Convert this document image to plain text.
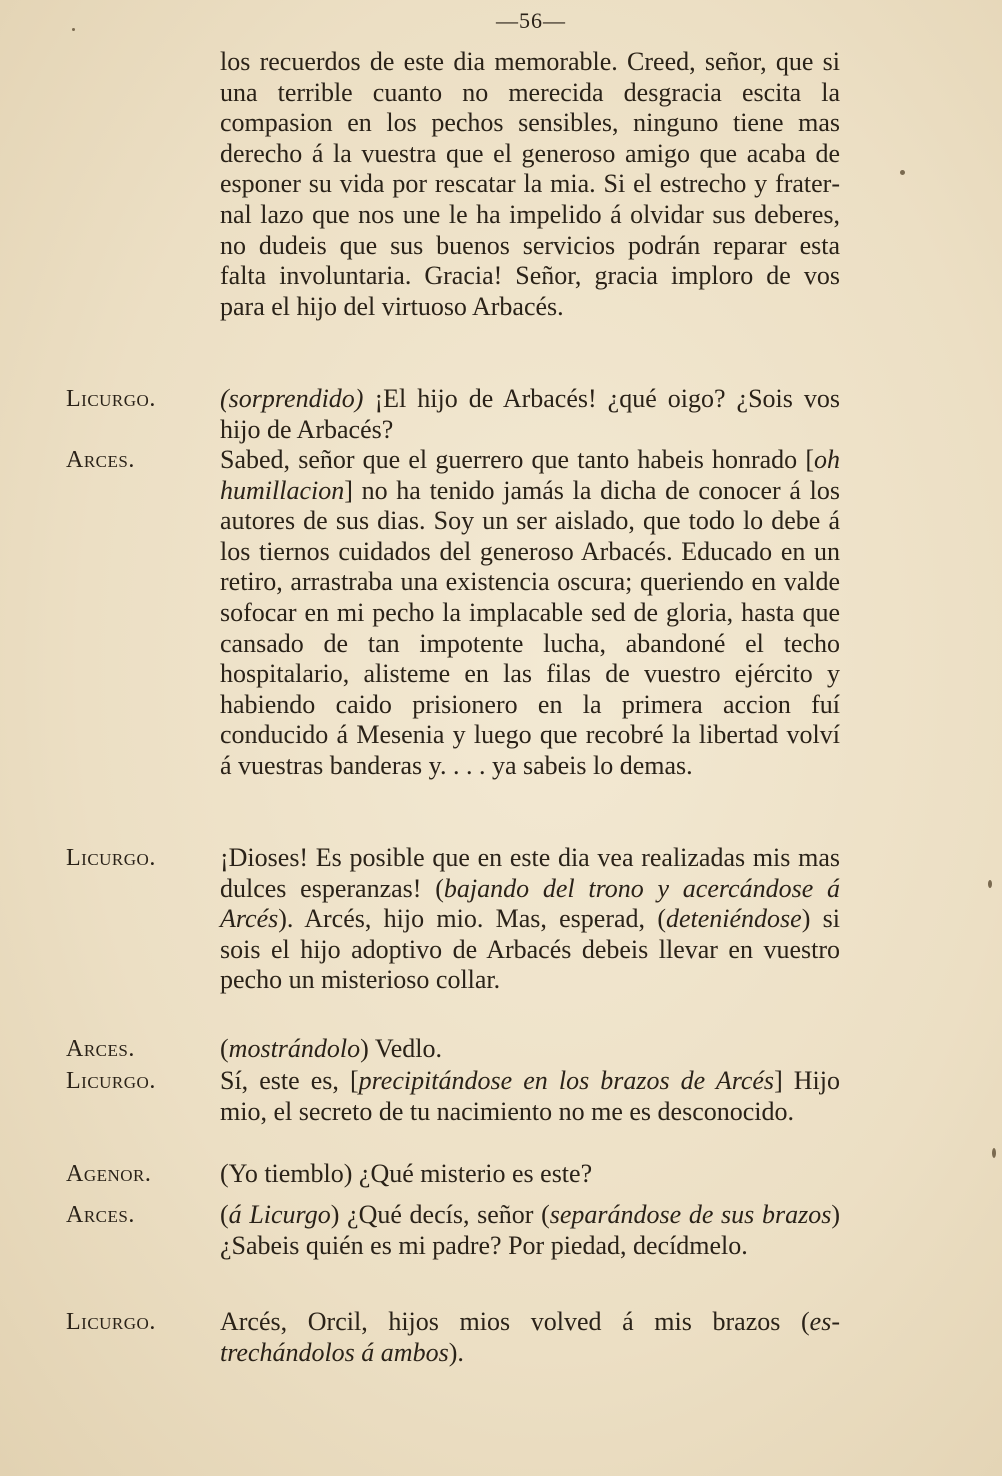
—56—
los recuerdos de este dia memorable. Creed, señor, que si una terrible cuanto no merecida desgracia escita la compasion en los pechos sensibles, ninguno tiene mas derecho á la vuestra que el generoso amigo que acaba de esponer su vida por rescatar la mia. Si el estrecho y fraternal lazo que nos une le ha impelido á olvidar sus deberes, no dudeis que sus buenos servicios podrán reparar esta falta involuntaria. Gracia! Señor, gracia imploro de vos para el hijo del virtuoso Arbacés.
Licurgo.	(sorprendido) ¡El hijo de Arbacés! ¿qué oigo? ¿Sois vos hijo de Arbacés?
Arces.	Sabed, señor que el guerrero que tanto habeis honrado [oh humillacion] no ha tenido jamás la dicha de conocer á los autores de sus dias. Soy un ser aislado, que todo lo debe á los tiernos cuidados del generoso Arbacés. Educado en un retiro, arrastraba una existencia oscura; queriendo en valde sofocar en mi pecho la implacable sed de gloria, hasta que cansado de tan impotente lucha, abandoné el techo hospitalario, alisteme en las filas de vuestro ejército y habiendo caido prisionero en la primera accion fuí conducido á Mesenia y luego que recobré la libertad volví á vuestras banderas y. . . . ya sabeis lo demas.
Licurgo.	¡Dioses! Es posible que en este dia vea realizadas mis mas dulces esperanzas! (bajando del trono y acercándose á Arcés). Arcés, hijo mio. Mas, esperad, (deteniéndose) si sois el hijo adoptivo de Arbacés debeis llevar en vuestro pecho un misterioso collar.
Arces.	(mostrándolo) Vedlo.
Licurgo.	Sí, este es, [precipitándose en los brazos de Arcés] Hijo mio, el secreto de tu nacimiento no me es desconocido.
Agenor.	(Yo tiemblo) ¿Qué misterio es este?
Arces.	(á Licurgo) ¿Qué decís, señor (separándose de sus brazos) ¿Sabeis quién es mi padre? Por piedad, decídmelo.
Licurgo.	Arcés, Orcil, hijos mios volved á mis brazos (estrechándolos á ambos).
